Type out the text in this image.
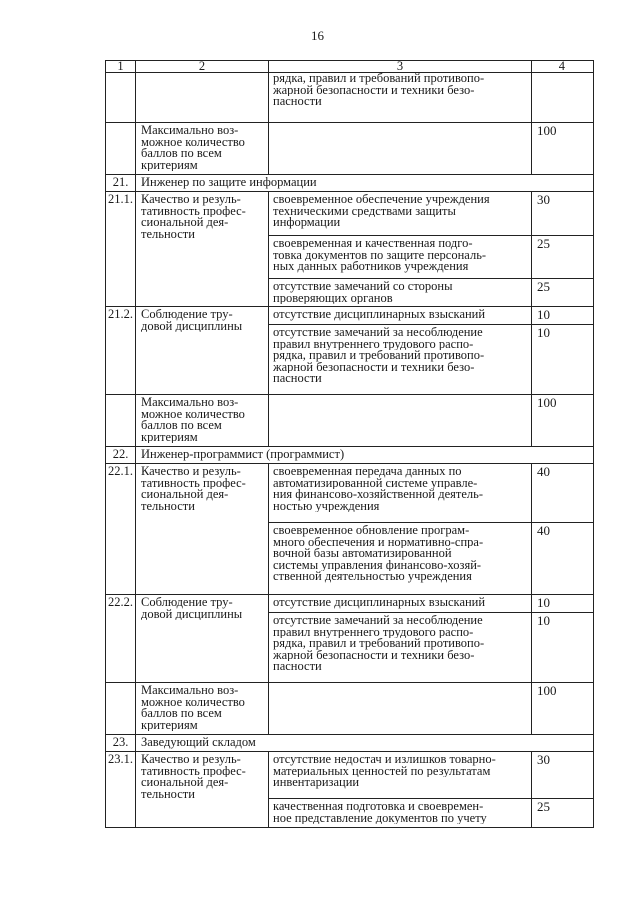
16
1	2	3	4

		рядка, правил и требований противопо-
жарной безопасности и техники безо-
пасности	

	Максимально воз-
можное количество
баллов по всем
критериям		100
21.	Инженер по защите информации		
21.1.	Качество и резуль-
тативность профес-
сиональной дея-
тельности	своевременное обеспечение учреждения
техническими средствами защиты
информации	30

		своевременная и качественная подго-
товка документов по защите персональ-
ных данных работников учреждения	25

		отсутствие замечаний со стороны
проверяющих органов	25
21.2.	Соблюдение тру-
довой дисциплины	отсутствие дисциплинарных взысканий	10

		отсутствие замечаний за несоблюдение
правил внутреннего трудового распо-
рядка, правил и требований противопо-
жарной безопасности и техники безо-
пасности	10

	Максимально воз-
можное количество
баллов по всем
критериям		100
22.	Инженер-программист (программист)		
22.1.	Качество и резуль-
тативность профес-
сиональной дея-
тельности	своевременная передача данных по
автоматизированной системе управле-
ния финансово-хозяйственной деятель-
ностью учреждения	40

		своевременное обновление програм-
много обеспечения и нормативно-спра-
вочной базы автоматизированной
системы управления финансово-хозяй-
ственной деятельностью учреждения	40
22.2.	Соблюдение тру-
довой дисциплины	отсутствие дисциплинарных взысканий	10

		отсутствие замечаний за несоблюдение
правил внутреннего трудового распо-
рядка, правил и требований противопо-
жарной безопасности и техники безо-
пасности	10

	Максимально воз-
можное количество
баллов по всем
критериям		100
23.	Заведующий складом		
23.1.	Качество и резуль-
тативность профес-
сиональной дея-
тельности	отсутствие недостач и излишков товарно-
материальных ценностей по результатам
инвентаризации	30

		качественная подготовка и своевремен-
ное представление документов по учету	25
